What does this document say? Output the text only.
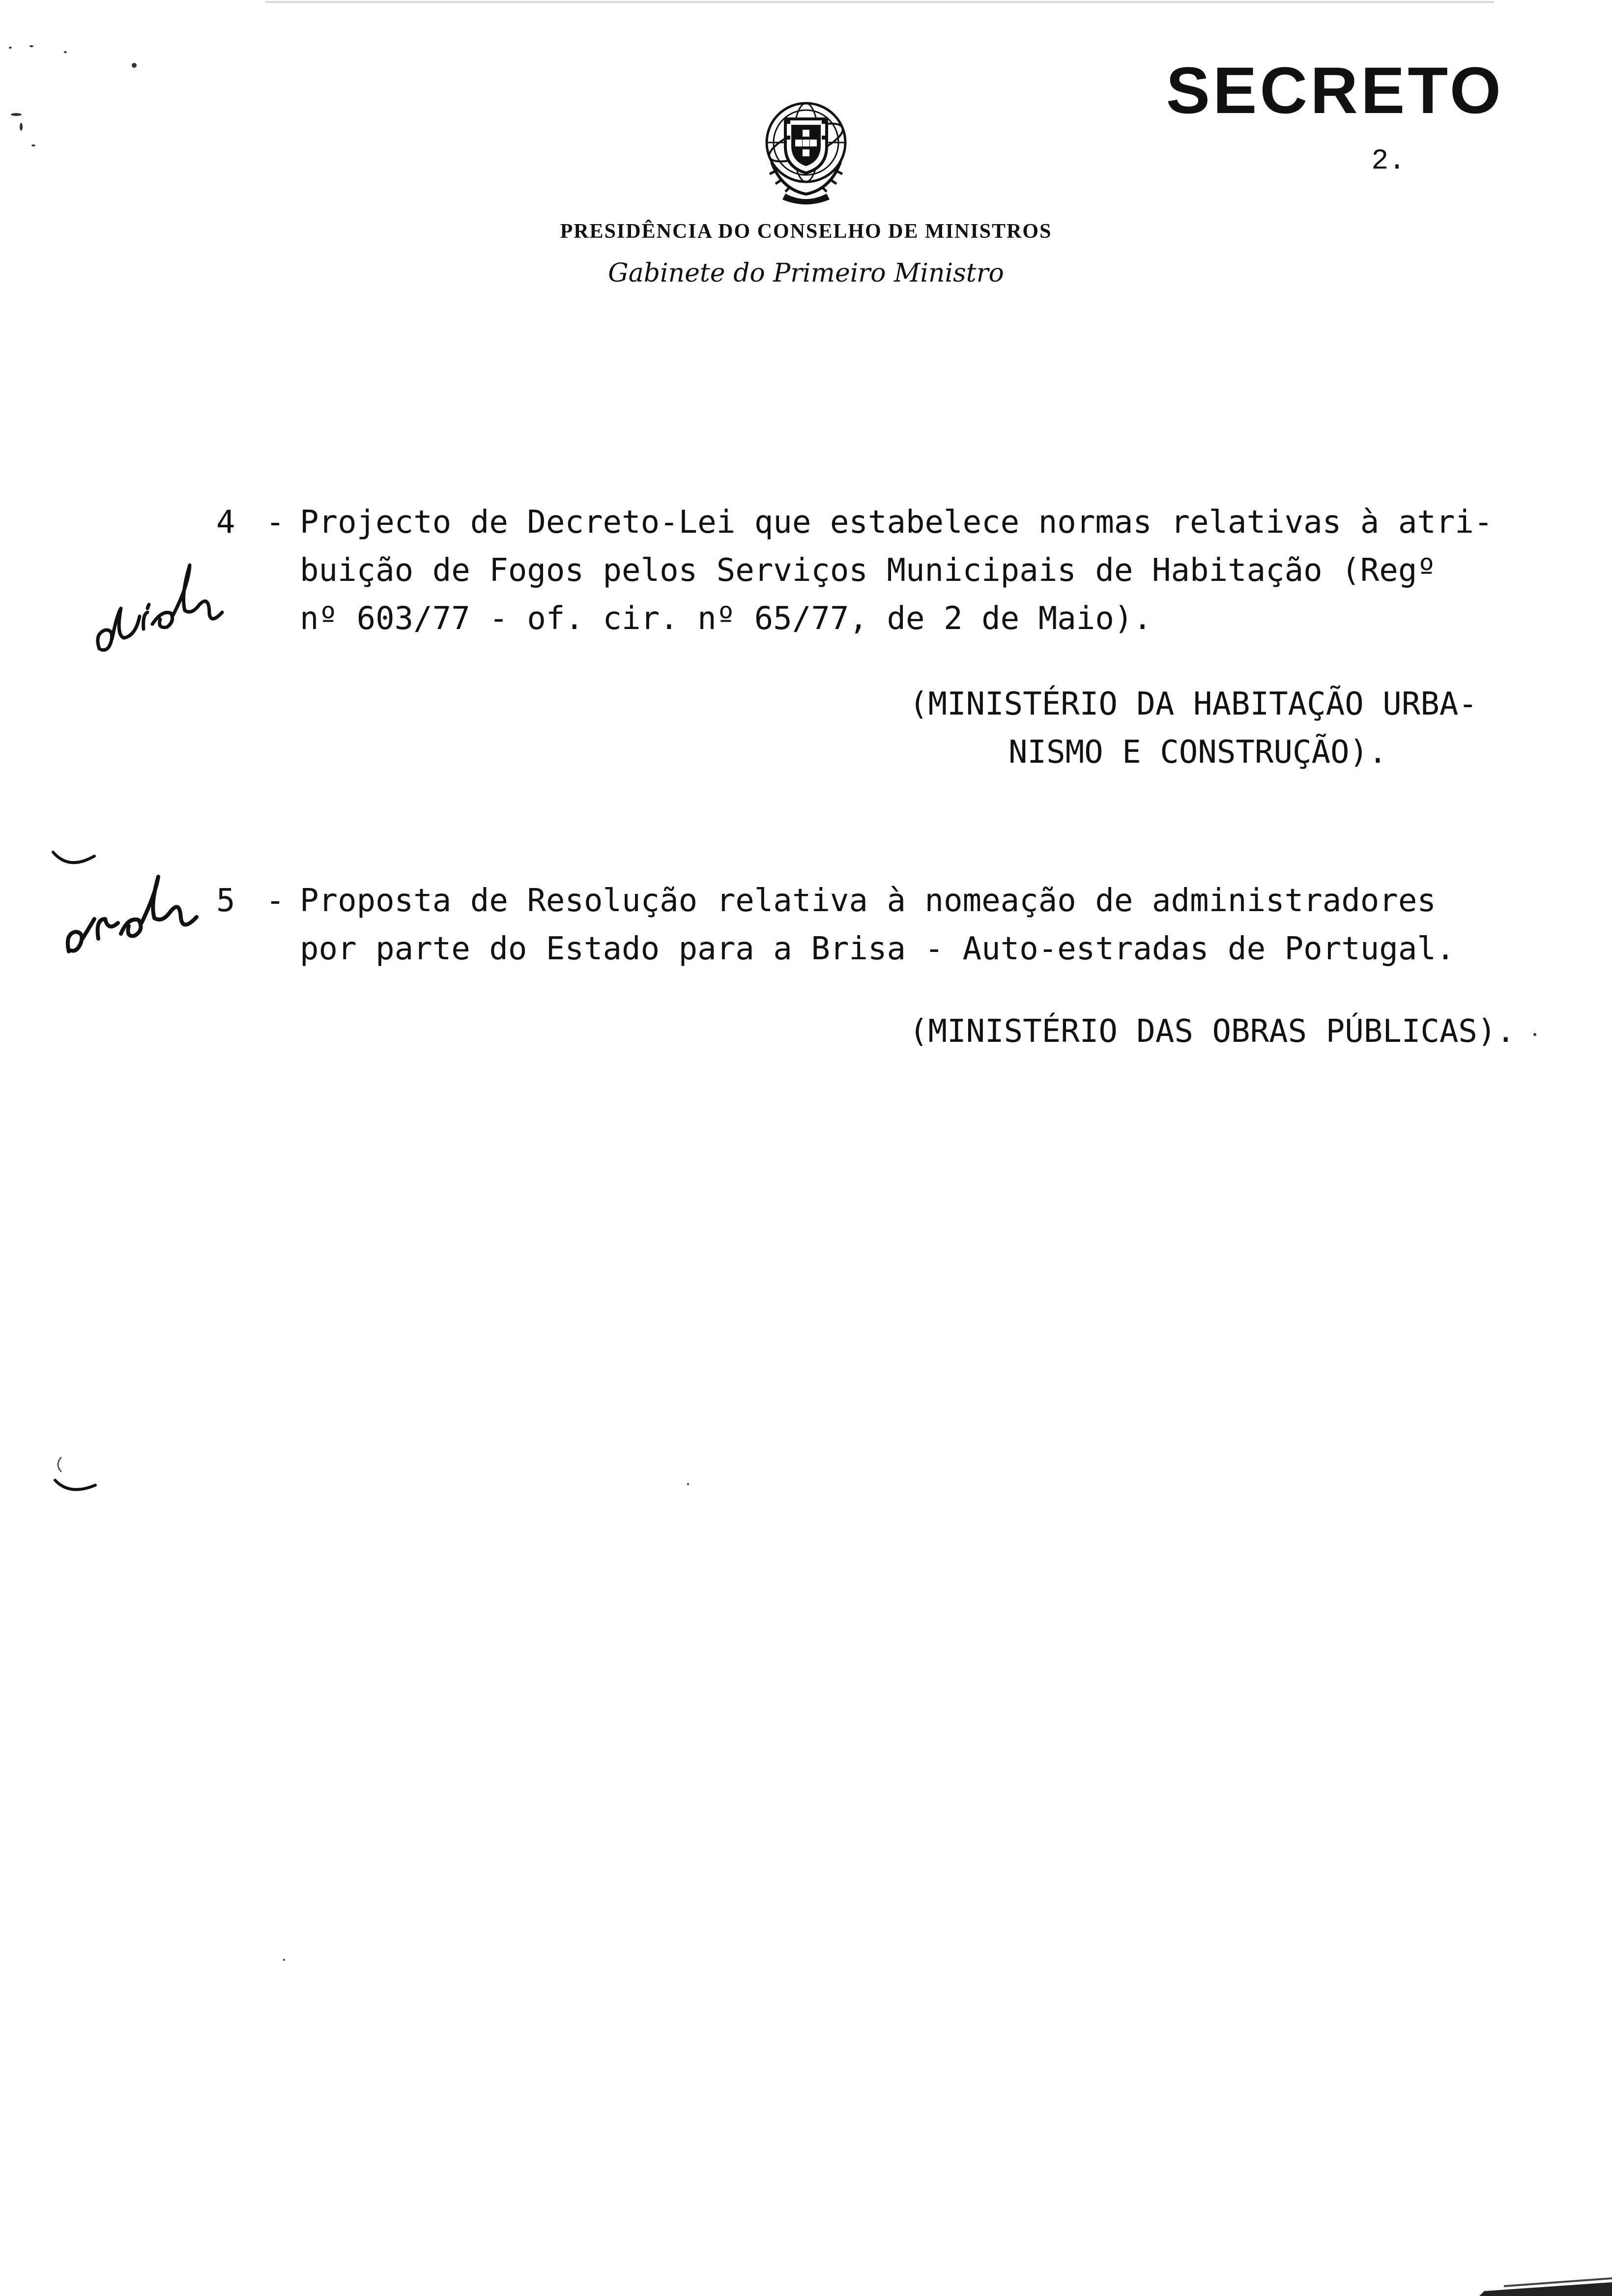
SECRETO
2.
PRESIDÊNCIA DO CONSELHO DE MINISTROS
Gabinete do Primeiro Ministro
4 - Projecto de Decreto-Lei que estabelece normas relativas à atri-
buição de Fogos pelos Serviços Municipais de Habitação (Regº
nº 603/77 - of. cir. nº 65/77, de 2 de Maio).
(MINISTÉRIO DA HABITAÇÃO URBA-
NISMO E CONSTRUÇÃO).
5 - Proposta de Resolução relativa à nomeação de administradores
por parte do Estado para a Brisa - Auto-estradas de Portugal.
(MINISTÉRIO DAS OBRAS PÚBLICAS).
